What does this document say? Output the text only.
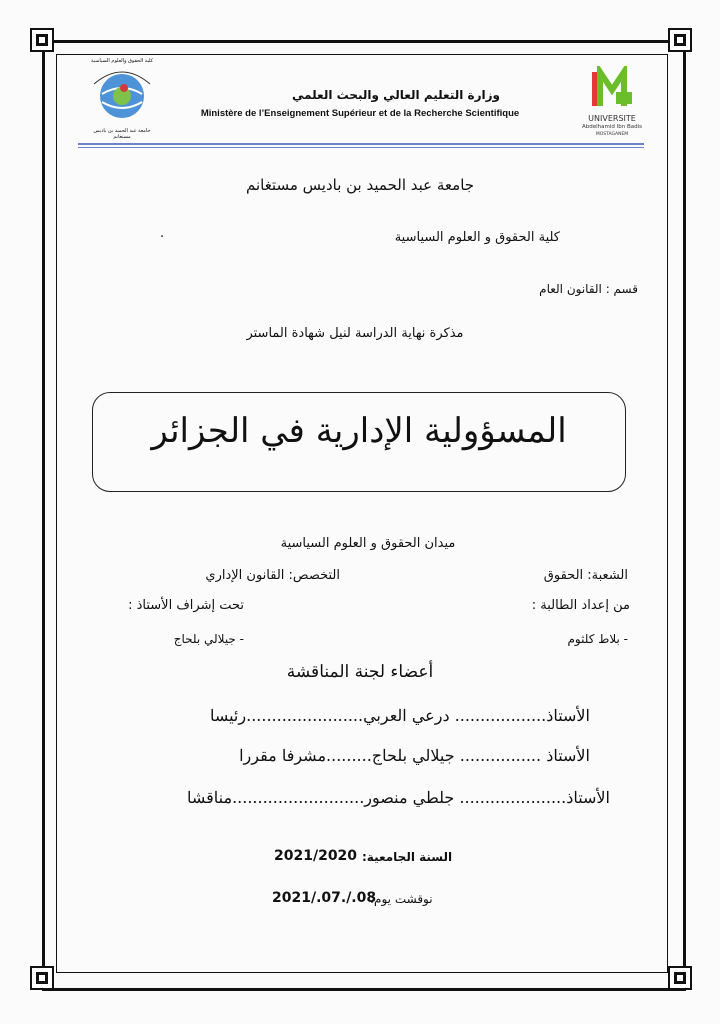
كلية الحقوق والعلوم السياسية
جامعة عبد الحميد بن باديس مستغانم
وزارة التعليم العالي والبحث العلمي
Ministère de l’Enseignement Supérieur et de la Recherche Scientifique	UNIVERSITE
Abdelhamid Ibn Badis
MOSTAGANEM
جامعة عبد الحميد بن باديس مستغانم
كلية الحقوق و العلوم السياسية
.
قسم : القانون العام
مذكرة نهاية الدراسة لنيل شهادة الماستر
المسؤولية الإدارية في الجزائر
ميدان الحقوق و العلوم السياسية
الشعبة: الحقوق
التخصص: القانون الإداري
من إعداد الطالبة :
تحت إشراف الأستاذ :
- بلاط كلثوم
- جيلالي بلحاج
أعضاء لجنة المناقشة
الأستاذ.................. درعي العربي.......................رئيسا
الأستاذ ................ جيلالي بلحاج.........مشرفا مقررا
الأستاذ..................... جلطي منصور..........................مناقشا
2021/2020 السنة الجامعية:
2021/.07./.08
نوقشت يوم:
